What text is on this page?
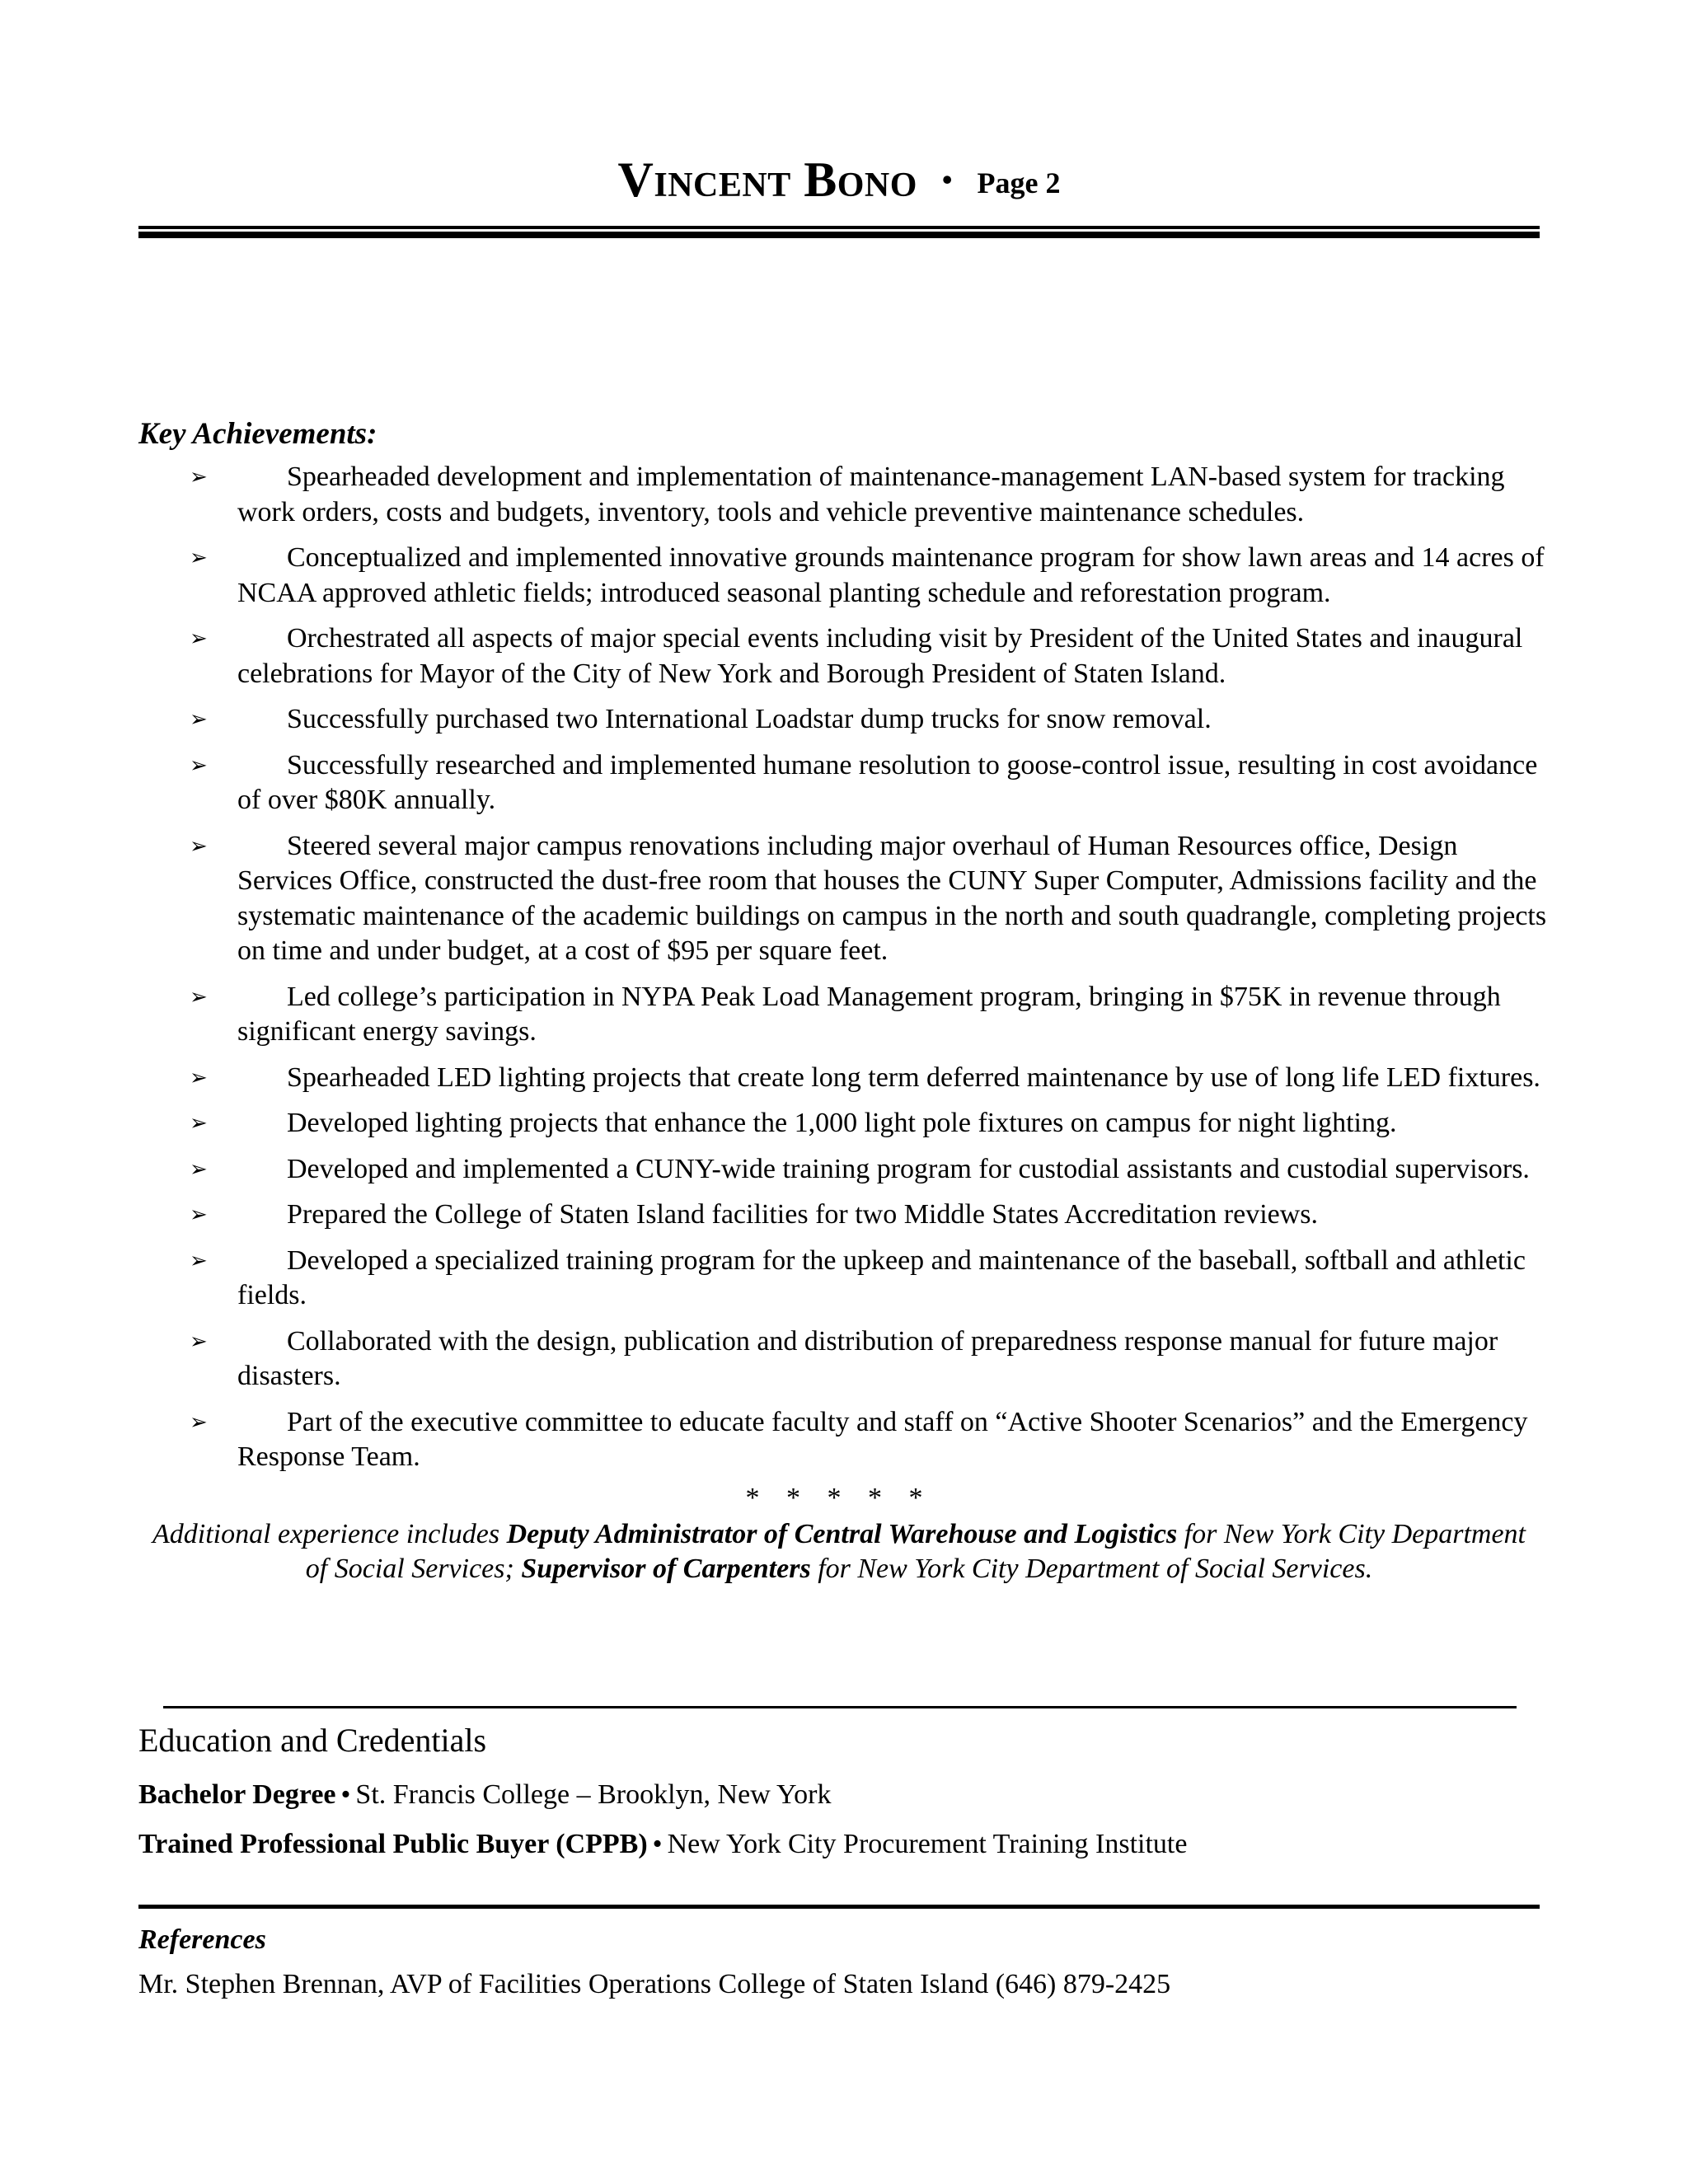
Vincent Bono • Page 2
Key Achievements:
➢	Spearheaded development and implementation of maintenance-management LAN-based system for tracking work orders, costs and budgets, inventory, tools and vehicle preventive maintenance schedules.
➢	Conceptualized and implemented innovative grounds maintenance program for show lawn areas and 14 acres of NCAA approved athletic fields; introduced seasonal planting schedule and reforestation program.
➢	Orchestrated all aspects of major special events including visit by President of the United States and inaugural celebrations for Mayor of the City of New York and Borough President of Staten Island.
➢	Successfully purchased two International Loadstar dump trucks for snow removal.
➢	Successfully researched and implemented humane resolution to goose-control issue, resulting in cost avoidance of over $80K annually.
➢	Steered several major campus renovations including major overhaul of Human Resources office, Design Services Office, constructed the dust-free room that houses the CUNY Super Computer, Admissions facility and the systematic maintenance of the academic buildings on campus in the north and south quadrangle, completing projects on time and under budget, at a cost of $95 per square feet.
➢	Led college’s participation in NYPA Peak Load Management program, bringing in $75K in revenue through significant energy savings.
➢	Spearheaded LED lighting projects that create long term deferred maintenance by use of long life LED fixtures.
➢	Developed lighting projects that enhance the 1,000 light pole fixtures on campus for night lighting.
➢	Developed and implemented a CUNY-wide training program for custodial assistants and custodial supervisors.
➢	Prepared the College of Staten Island facilities for two Middle States Accreditation reviews.
➢	Developed a specialized training program for the upkeep and maintenance of the baseball, softball and athletic fields.
➢	Collaborated with the design, publication and distribution of preparedness response manual for future major disasters.
➢	Part of the executive committee to educate faculty and staff on “Active Shooter Scenarios” and the Emergency Response Team.
* * * * *
Additional experience includes Deputy Administrator of Central Warehouse and Logistics for New York City Department of Social Services; Supervisor of Carpenters for New York City Department of Social Services.
Education and Credentials
Bachelor Degree • St. Francis College – Brooklyn, New York
Trained Professional Public Buyer (CPPB) • New York City Procurement Training Institute
References
Mr. Stephen Brennan, AVP of Facilities Operations College of Staten Island (646) 879-2425
